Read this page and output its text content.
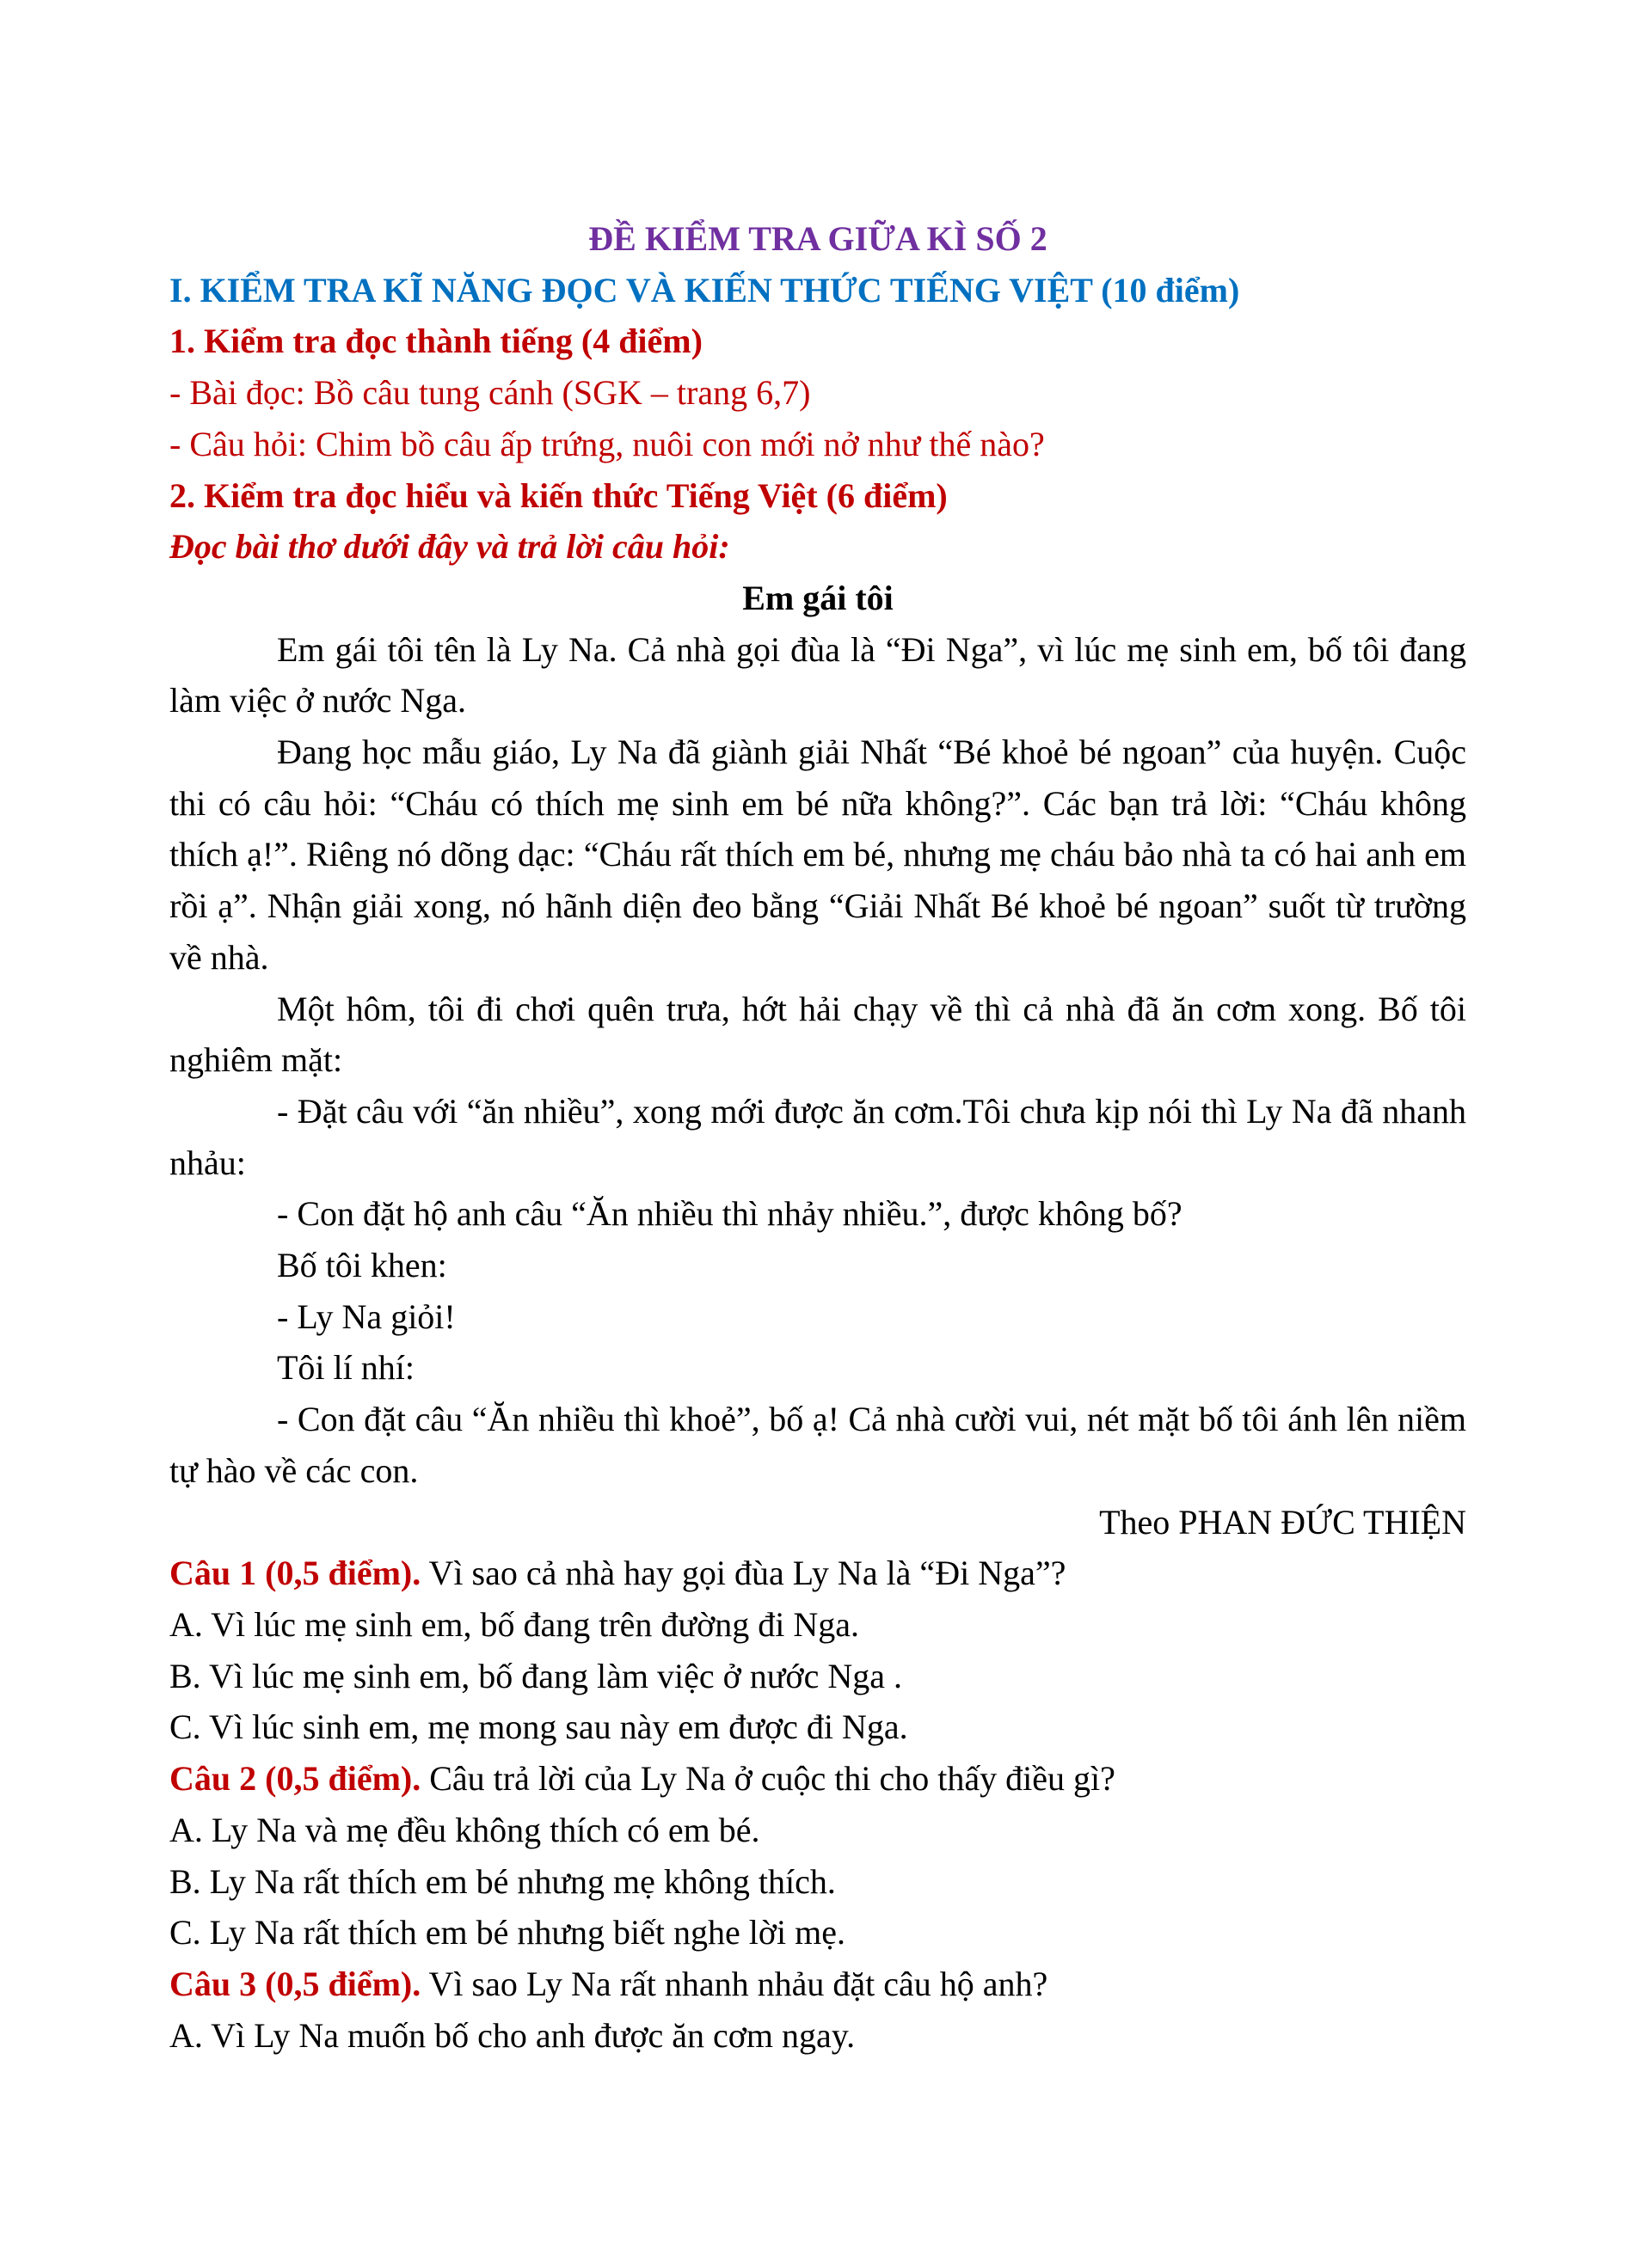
ĐỀ KIỂM TRA GIỮA KÌ SỐ 2

I. KIỂM TRA KĨ NĂNG ĐỌC VÀ KIẾN THỨC TIẾNG VIỆT (10 điểm)

1. Kiểm tra đọc thành tiếng (4 điểm)

- Bài đọc: Bồ câu tung cánh (SGK – trang 6,7)

- Câu hỏi: Chim bồ câu ấp trứng, nuôi con mới nở như thế nào?

2. Kiểm tra đọc hiểu và kiến thức Tiếng Việt (6 điểm)

Đọc bài thơ dưới đây và trả lời câu hỏi:

Em gái tôi

Em gái tôi tên là Ly Na. Cả nhà gọi đùa là “Đi Nga”, vì lúc mẹ sinh em, bố tôi đang làm việc ở nước Nga.

Đang học mẫu giáo, Ly Na đã giành giải Nhất “Bé khoẻ bé ngoan” của huyện. Cuộc thi có câu hỏi: “Cháu có thích mẹ sinh em bé nữa không?”. Các bạn trả lời: “Cháu không thích ạ!”. Riêng nó dõng dạc: “Cháu rất thích em bé, nhưng mẹ cháu bảo nhà ta có hai anh em rồi ạ”. Nhận giải xong, nó hãnh diện đeo bằng “Giải Nhất Bé khoẻ bé ngoan” suốt từ trường về nhà.

Một hôm, tôi đi chơi quên trưa, hớt hải chạy về thì cả nhà đã ăn cơm xong. Bố tôi nghiêm mặt:

- Đặt câu với “ăn nhiều”, xong mới được ăn cơm.Tôi chưa kịp nói thì Ly Na đã nhanh nhảu:

- Con đặt hộ anh câu “Ăn nhiều thì nhảy nhiều.”, được không bố?

Bố tôi khen:

- Ly Na giỏi!

Tôi lí nhí:

- Con đặt câu “Ăn nhiều thì khoẻ”, bố ạ! Cả nhà cười vui, nét mặt bố tôi ánh lên niềm tự hào về các con.

Theo PHAN ĐỨC THIỆN

Câu 1 (0,5 điểm). Vì sao cả nhà hay gọi đùa Ly Na là “Đi Nga”?

A. Vì lúc mẹ sinh em, bố đang trên đường đi Nga.

B. Vì lúc mẹ sinh em, bố đang làm việc ở nước Nga .

C. Vì lúc sinh em, mẹ mong sau này em được đi Nga.

Câu 2 (0,5 điểm). Câu trả lời của Ly Na ở cuộc thi cho thấy điều gì?

A. Ly Na và mẹ đều không thích có em bé.

B. Ly Na rất thích em bé nhưng mẹ không thích.

C. Ly Na rất thích em bé nhưng biết nghe lời mẹ.

Câu 3 (0,5 điểm). Vì sao Ly Na rất nhanh nhảu đặt câu hộ anh?

A. Vì Ly Na muốn bố cho anh được ăn cơm ngay.
